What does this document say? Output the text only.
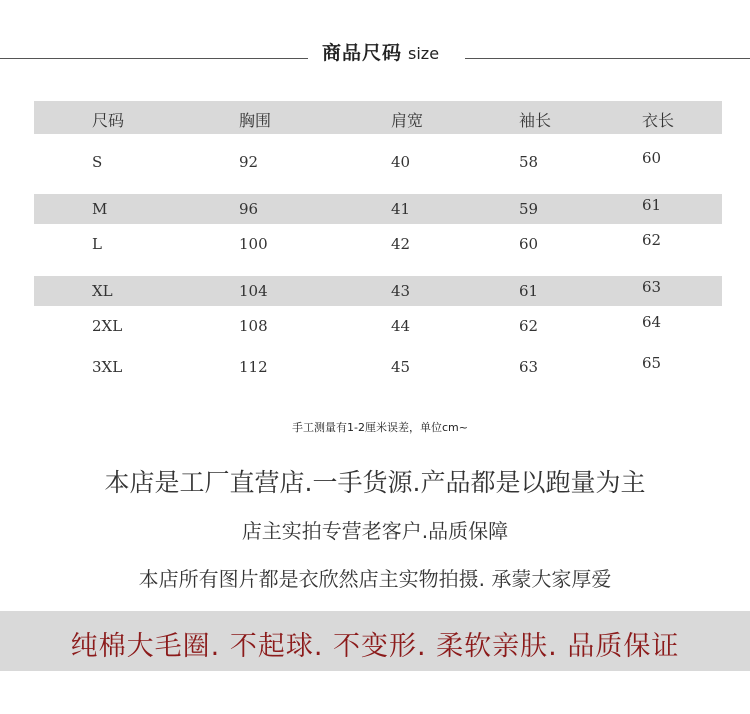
商品尺码 size
尺码	胸围	肩宽	袖长	衣长
S	92	40	58	60
M	96	41	59	61
L	100	42	60	62
XL	104	43	61	63
2XL	108	44	62	64
3XL	112	45	63	65
手工测量有1-2厘米误差，单位cm~
本店是工厂直营店.一手货源.产品都是以跑量为主
店主实拍专营老客户.品质保障
本店所有图片都是衣欣然店主实物拍摄. 承蒙大家厚爱
纯棉大毛圈. 不起球. 不变形. 柔软亲肤. 品质保证
